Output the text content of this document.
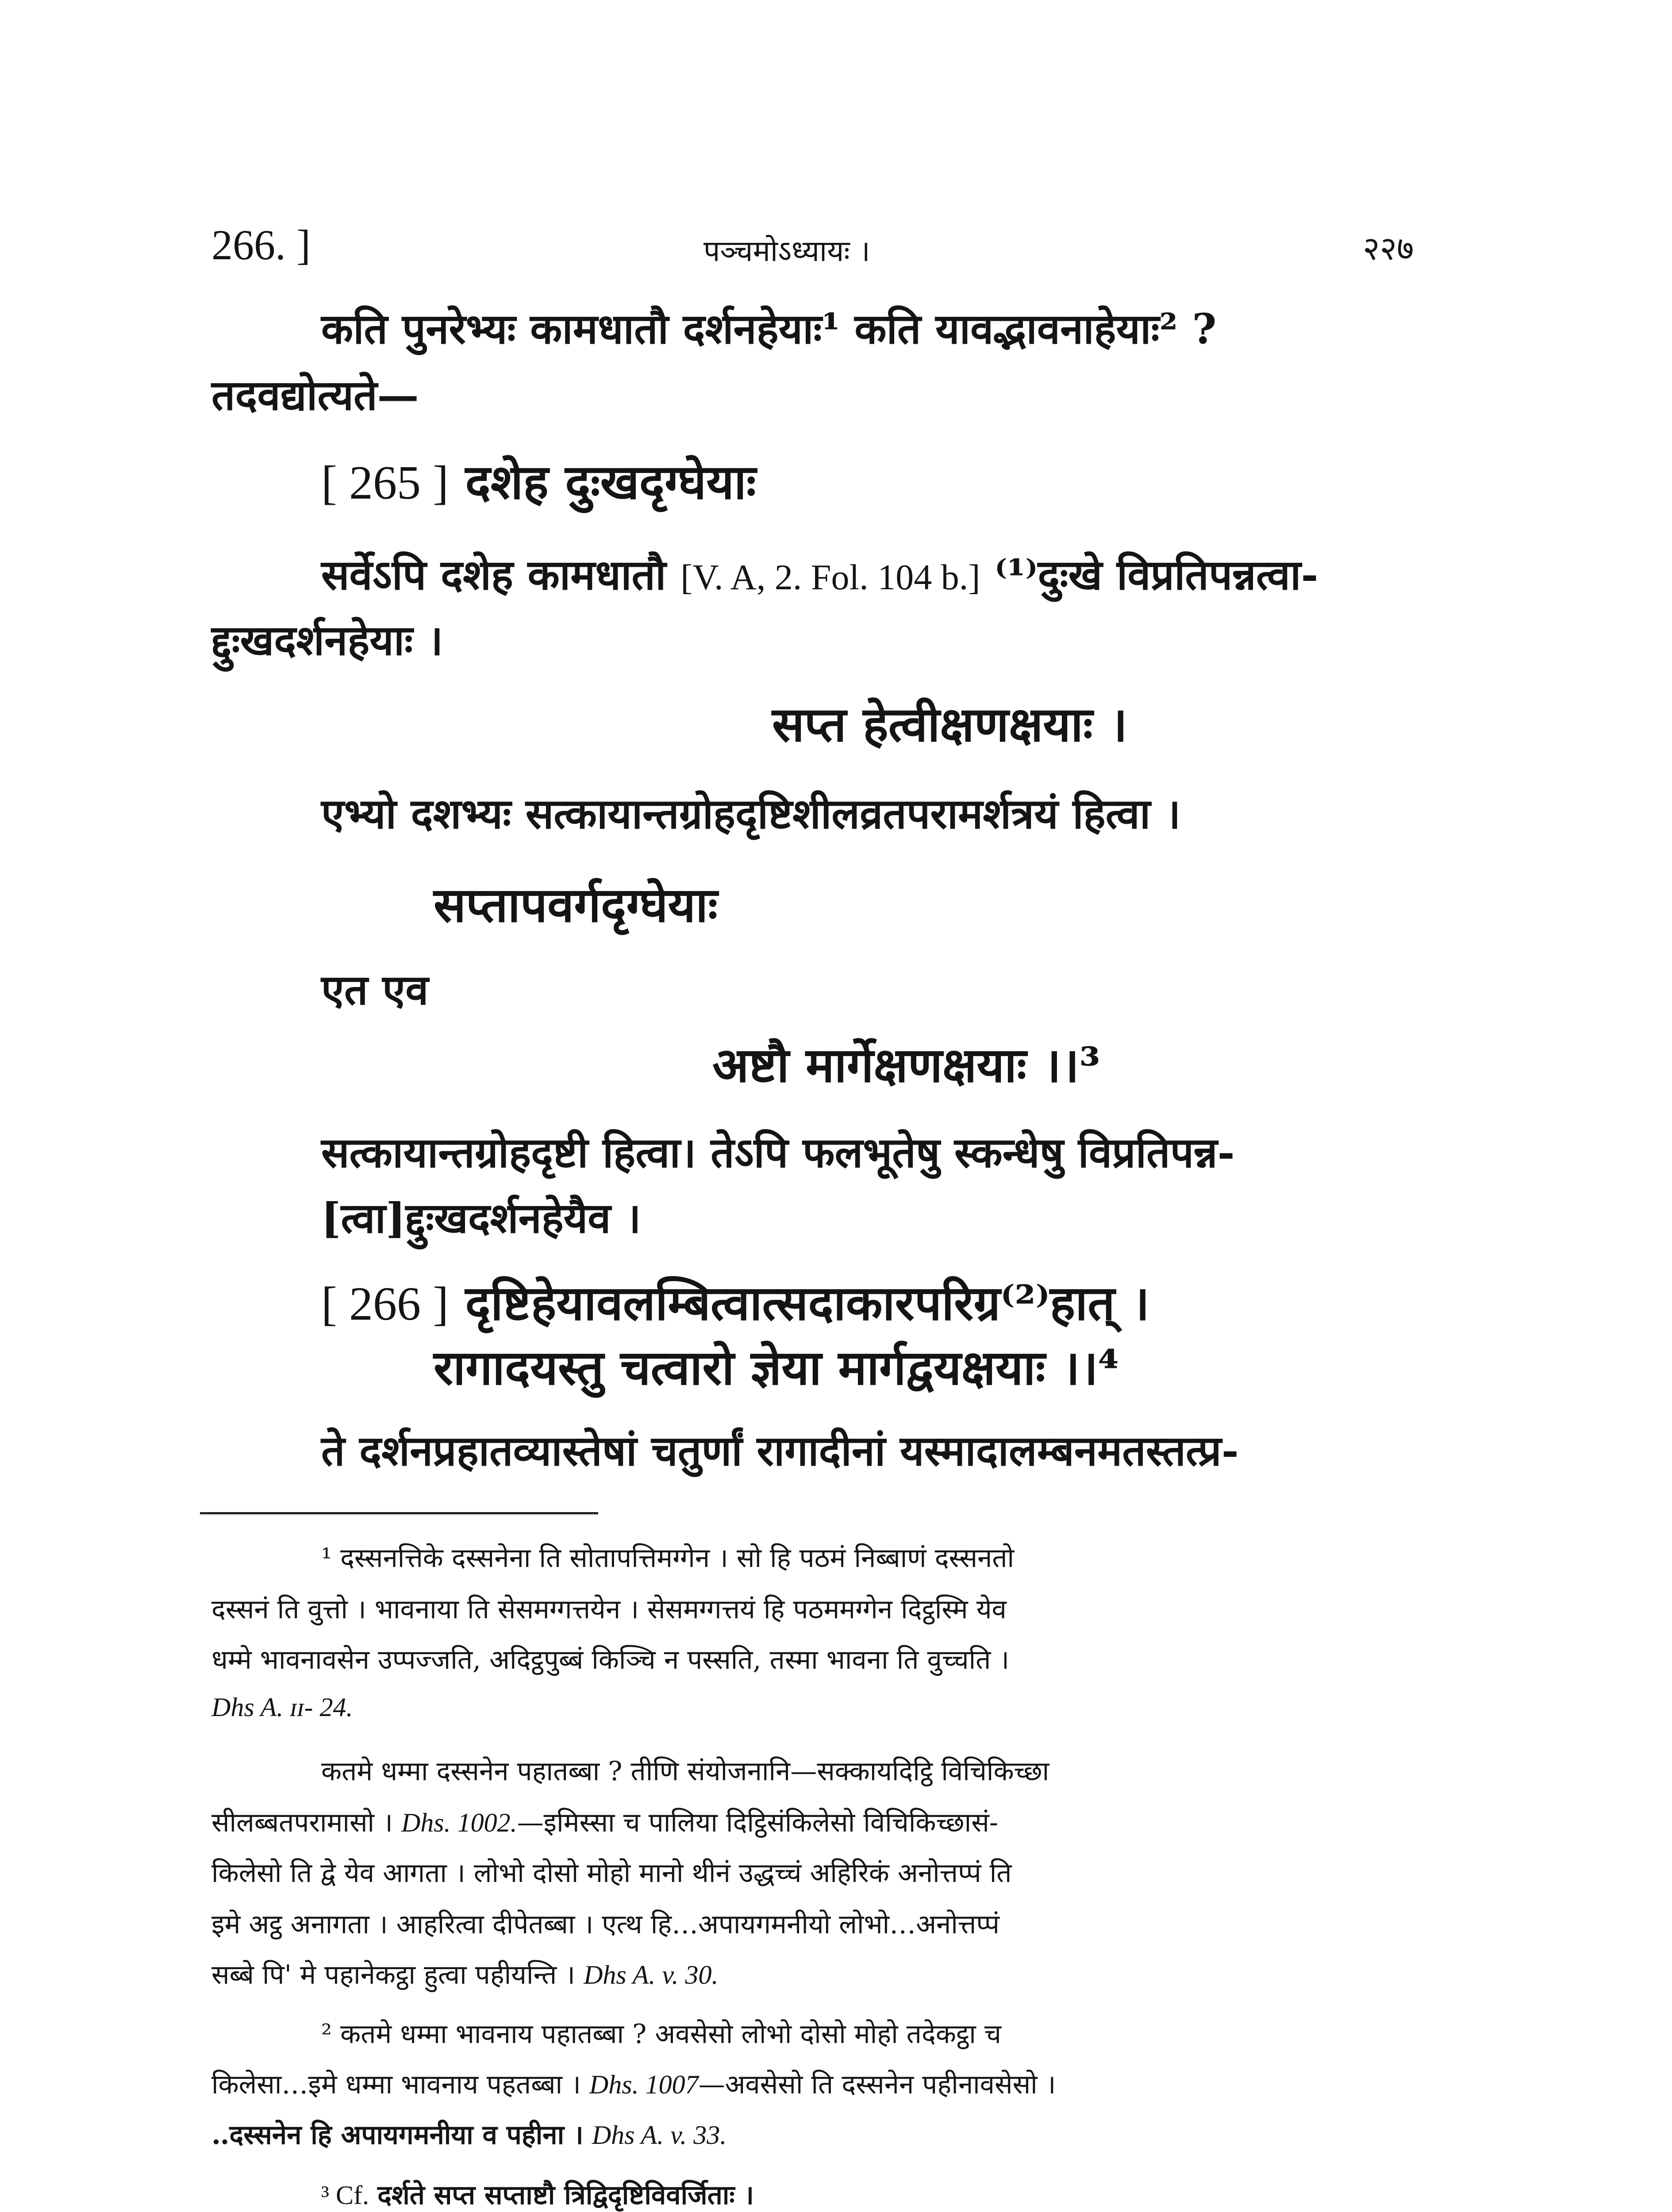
266. ]	पञ्चमोऽध्यायः ।	२२७
कति पुनरेभ्यः कामधातौ दर्शनहेयाः¹ कति यावद्भावनाहेयाः² ?
तदवद्योत्यते—
[ 265 ] दशेह दुःखदृग्घेयाः
सर्वेऽपि दशेह कामधातौ [V. A, 2. Fol. 104 b.] ⁽¹⁾दुःखे विप्रतिपन्नत्वा-
द्दुःखदर्शनहेयाः ।
सप्त हेत्वीक्षणक्षयाः ।
एभ्यो दशभ्यः सत्कायान्तग्रोहदृष्टिशीलव्रतपरामर्शत्रयं हित्वा ।
सप्तापवर्गदृग्घेयाः
एत एव
अष्टौ मार्गेक्षणक्षयाः ।।³
सत्कायान्तग्रोहदृष्टी हित्वा। तेऽपि फलभूतेषु स्कन्धेषु विप्रतिपन्न-
[त्वा]द्दुःखदर्शनहेयैव ।
[ 266 ] दृष्टिहेयावलम्बित्वात्सदाकारपरिग्र⁽²⁾हात् ।
रागादयस्तु चत्वारो ज्ञेया मार्गद्वयक्षयाः ।।⁴
ते दर्शनप्रहातव्यास्तेषां चतुर्णां रागादीनां यस्मादालम्बनमतस्तत्प्र-
¹ दस्सनत्तिके दस्सनेना ति सोतापत्तिमग्गेन । सो हि पठमं निब्बाणं दस्सनतो
दस्सनं ति वुत्तो । भावनाया ति सेसमग्गत्तयेन । सेसमग्गत्तयं हि पठममग्गेन दिट्ठस्मि येव
धम्मे भावनावसेन उप्पज्जति, अदिट्ठपुब्बं किञ्चि न पस्सति, तस्मा भावना ति वुच्चति ।
Dhs A. ɪɪ- 24.
कतमे धम्मा दस्सनेन पहातब्बा ? तीणि संयोजनानि—सक्कायदिट्ठि विचिकिच्छा
सीलब्बतपरामासो । Dhs. 1002.—इमिस्सा च पालिया दिट्ठिसंकिलेसो विचिकिच्छासं-
किलेसो ति द्वे येव आगता । लोभो दोसो मोहो मानो थीनं उद्धच्चं अहिरिकं अनोत्तप्पं ति
इमे अट्ठ अनागता । आहरित्वा दीपेतब्बा । एत्थ हि…अपायगमनीयो लोभो…अनोत्तप्पं
सब्बे पि' मे पहानेकट्ठा हुत्वा पहीयन्ति । Dhs A. v. 30.
² कतमे धम्मा भावनाय पहातब्बा ? अवसेसो लोभो दोसो मोहो तदेकट्ठा च
किलेसा…इमे धम्मा भावनाय पहतब्बा । Dhs. 1007—अवसेसो ति दस्सनेन पहीनावसेसो ।
‥दस्सनेन हि अपायगमनीया व पहीना । Dhs A. v. 33.
³ Cf. दर्शते सप्त सप्ताष्टौ त्रिद्विदृष्टिविवर्जिताः ।
